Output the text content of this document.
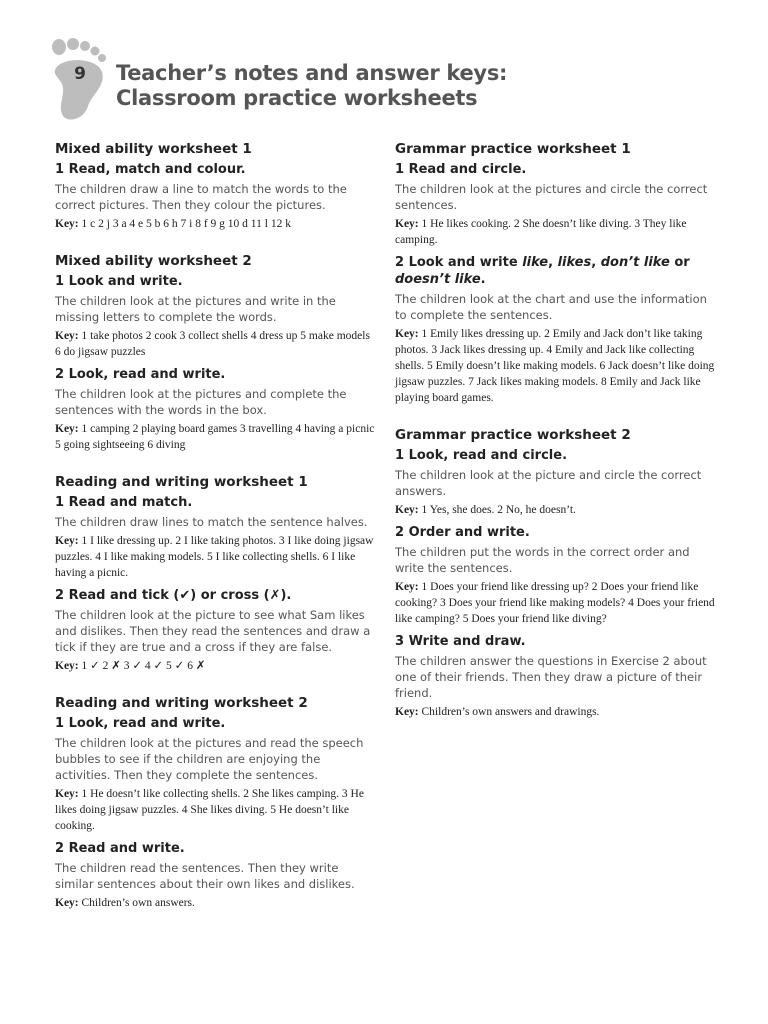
9 Teacher’s notes and answer keys:
Classroom practice worksheets
Mixed ability worksheet 1
1 Read, match and colour.
The children draw a line to match the words to the correct pictures. Then they colour the pictures.
Key: 1 c 2 j 3 a 4 e 5 b 6 h 7 i 8 f 9 g 10 d 11 l 12 k
Mixed ability worksheet 2
1 Look and write.
The children look at the pictures and write in the missing letters to complete the words.
Key: 1 take photos 2 cook 3 collect shells 4 dress up 5 make models 6 do jigsaw puzzles
2 Look, read and write.
The children look at the pictures and complete the sentences with the words in the box.
Key: 1 camping 2 playing board games 3 travelling 4 having a picnic 5 going sightseeing 6 diving
Reading and writing worksheet 1
1 Read and match.
The children draw lines to match the sentence halves.
Key: 1 I like dressing up. 2 I like taking photos. 3 I like doing jigsaw puzzles. 4 I like making models. 5 I like collecting shells. 6 I like having a picnic.
2 Read and tick (✔) or cross (✗).
The children look at the picture to see what Sam likes and dislikes. Then they read the sentences and draw a tick if they are true and a cross if they are false.
Key: 1 ✓ 2 ✗ 3 ✓ 4 ✓ 5 ✓ 6 ✗
Reading and writing worksheet 2
1 Look, read and write.
The children look at the pictures and read the speech bubbles to see if the children are enjoying the activities. Then they complete the sentences.
Key: 1 He doesn’t like collecting shells. 2 She likes camping. 3 He likes doing jigsaw puzzles. 4 She likes diving. 5 He doesn’t like cooking.
2 Read and write.
The children read the sentences. Then they write similar sentences about their own likes and dislikes.
Key: Children’s own answers.
Grammar practice worksheet 1
1 Read and circle.
The children look at the pictures and circle the correct sentences.
Key: 1 He likes cooking. 2 She doesn’t like diving. 3 They like camping.
2 Look and write like, likes, don’t like or doesn’t like.
The children look at the chart and use the information to complete the sentences.
Key: 1 Emily likes dressing up. 2 Emily and Jack don’t like taking photos. 3 Jack likes dressing up. 4 Emily and Jack like collecting shells. 5 Emily doesn’t like making models. 6 Jack doesn’t like doing jigsaw puzzles. 7 Jack likes making models. 8 Emily and Jack like playing board games.
Grammar practice worksheet 2
1 Look, read and circle.
The children look at the picture and circle the correct answers.
Key: 1 Yes, she does. 2 No, he doesn’t.
2 Order and write.
The children put the words in the correct order and write the sentences.
Key: 1 Does your friend like dressing up? 2 Does your friend like cooking? 3 Does your friend like making models? 4 Does your friend like camping? 5 Does your friend like diving?
3 Write and draw.
The children answer the questions in Exercise 2 about one of their friends. Then they draw a picture of their friend.
Key: Children’s own answers and drawings.
